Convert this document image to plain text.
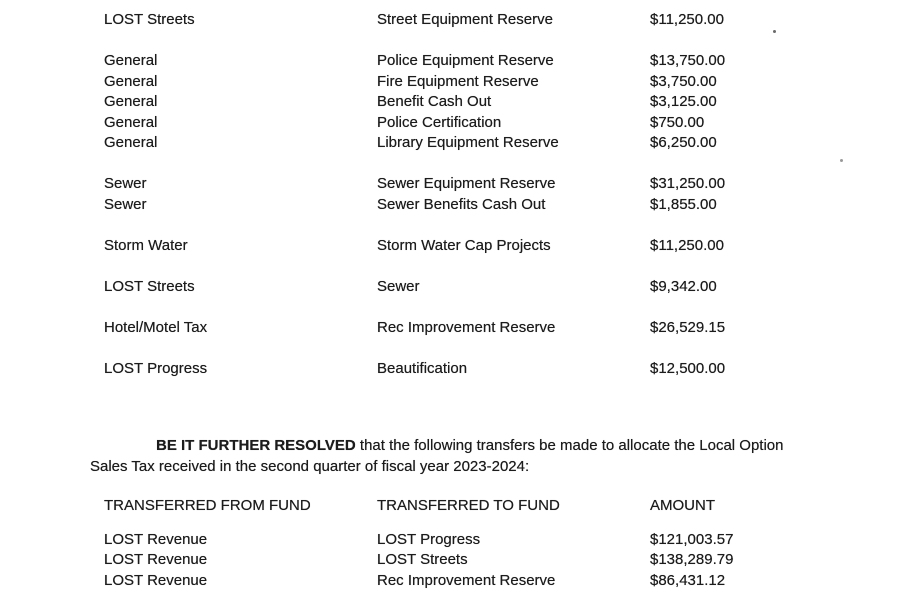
LOST Streets	Street Equipment Reserve	$11,250.00
General	Police Equipment Reserve	$13,750.00
General	Fire Equipment Reserve	$3,750.00
General	Benefit Cash Out	$3,125.00
General	Police Certification	$750.00
General	Library Equipment Reserve	$6,250.00
Sewer	Sewer Equipment Reserve	$31,250.00
Sewer	Sewer Benefits Cash Out	$1,855.00
Storm Water	Storm Water Cap Projects	$11,250.00
LOST Streets	Sewer	$9,342.00
Hotel/Motel Tax	Rec Improvement Reserve	$26,529.15
LOST Progress	Beautification	$12,500.00

BE IT FURTHER RESOLVED that the following transfers be made to allocate the Local Option Sales Tax received in the second quarter of fiscal year 2023-2024:

TRANSFERRED FROM FUND	TRANSFERRED TO FUND	AMOUNT
LOST Revenue	LOST Progress	$121,003.57
LOST Revenue	LOST Streets	$138,289.79
LOST Revenue	Rec Improvement Reserve	$86,431.12
